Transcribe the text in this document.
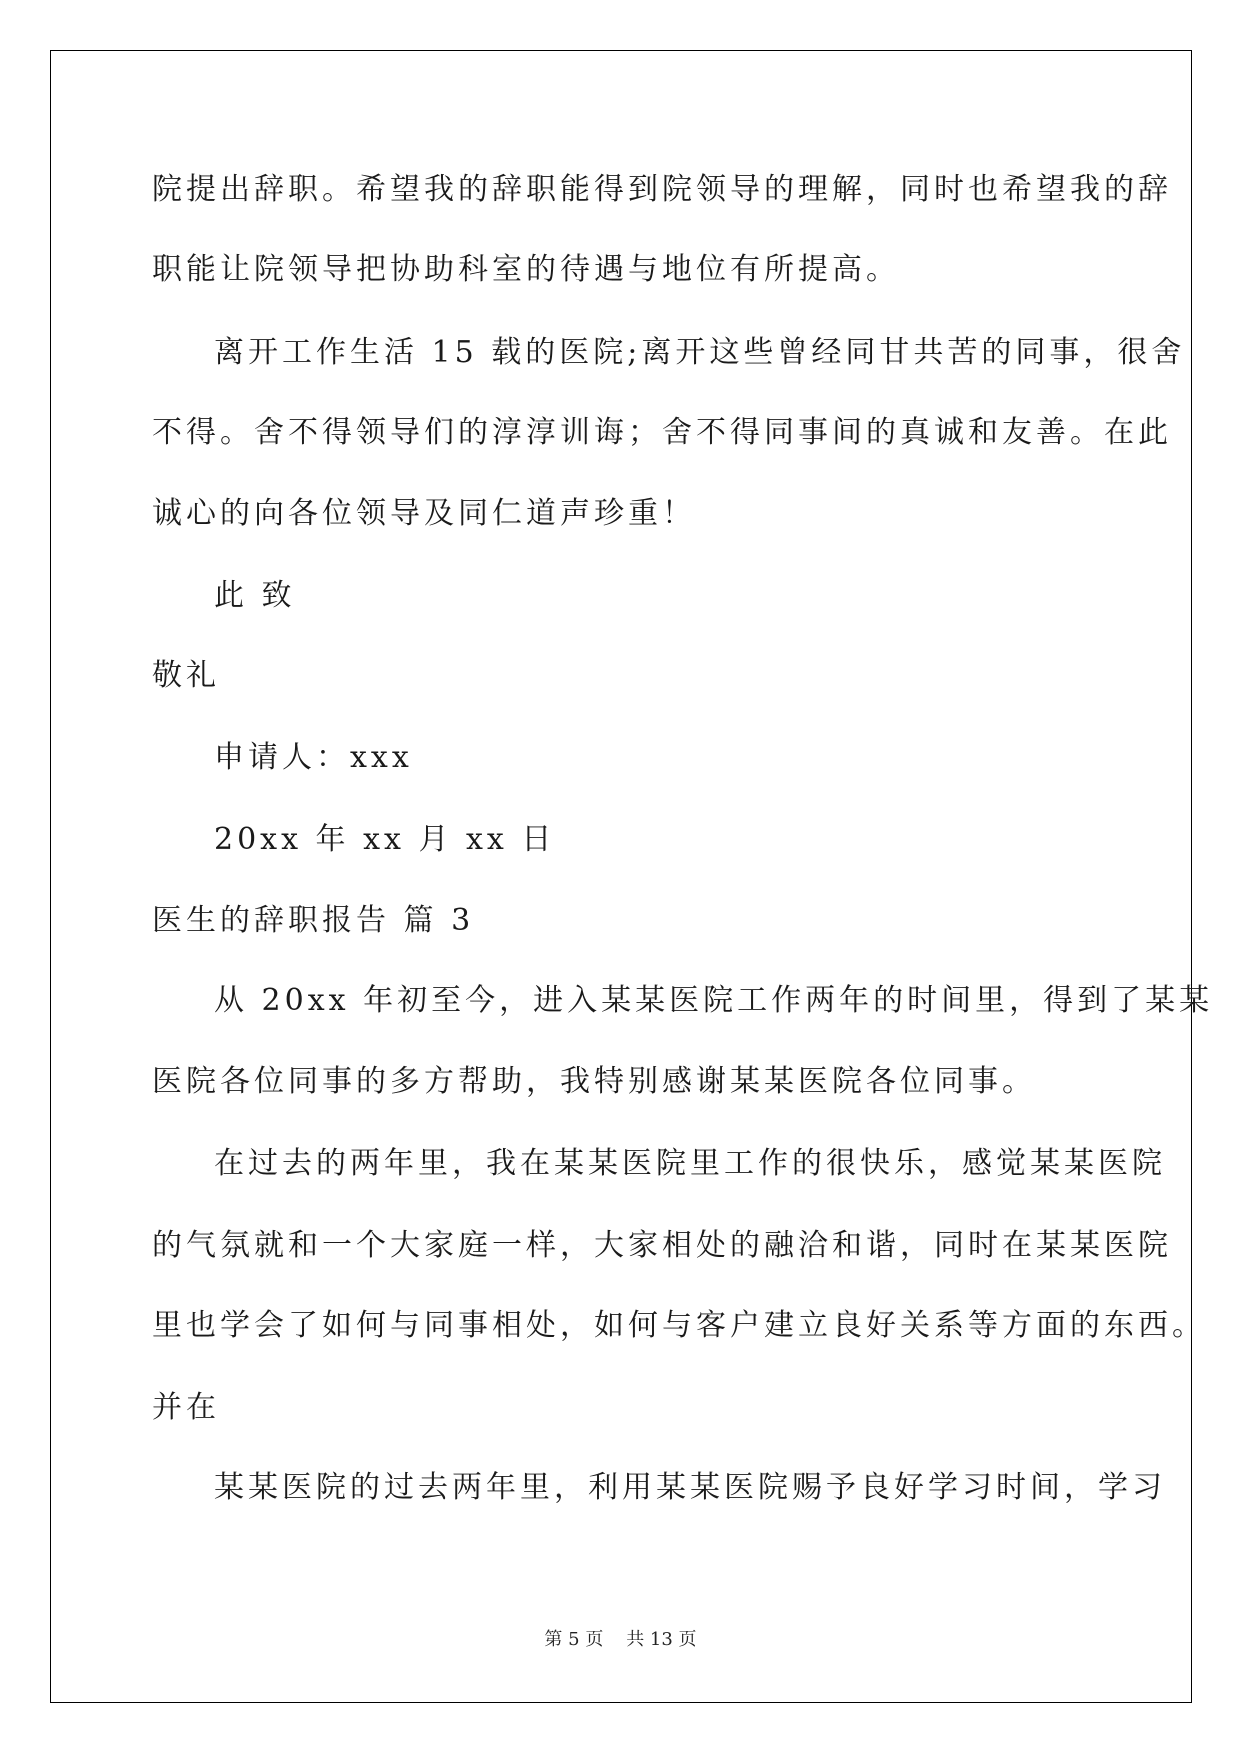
院提出辞职。希望我的辞职能得到院领导的理解，同时也希望我的辞
职能让院领导把协助科室的待遇与地位有所提高。
离开工作生活 15 载的医院;离开这些曾经同甘共苦的同事，很舍
不得。舍不得领导们的淳淳训诲；舍不得同事间的真诚和友善。在此
诚心的向各位领导及同仁道声珍重！
此 致
敬礼
申请人：xxx
20xx 年 xx 月 xx 日
医生的辞职报告 篇 3
从 20xx 年初至今，进入某某医院工作两年的时间里，得到了某某
医院各位同事的多方帮助，我特别感谢某某医院各位同事。
在过去的两年里，我在某某医院里工作的很快乐，感觉某某医院
的气氛就和一个大家庭一样，大家相处的融洽和谐，同时在某某医院
里也学会了如何与同事相处，如何与客户建立良好关系等方面的东西。
并在
某某医院的过去两年里，利用某某医院赐予良好学习时间，学习
第 5 页    共 13 页
